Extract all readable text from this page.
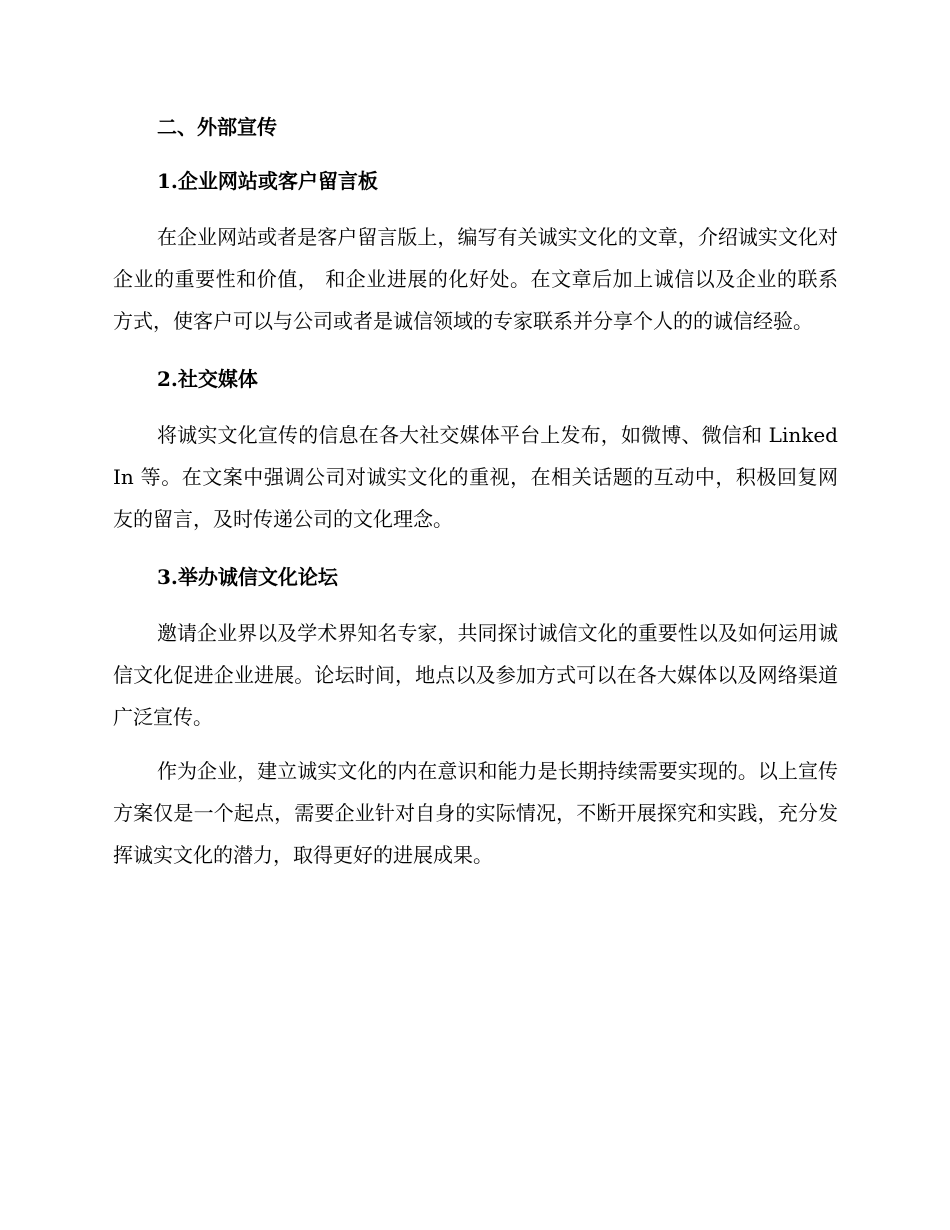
二、外部宣传
1.企业网站或客户留言板

在企业网站或者是客户留言版上，编写有关诚实文化的文章，介绍诚实文化对企业的重要性和价值， 和企业进展的化好处。在文章后加上诚信以及企业的联系方式，使客户可以与公司或者是诚信领域的专家联系并分享个人的的诚信经验。

2.社交媒体

将诚实文化宣传的信息在各大社交媒体平台上发布，如微博、微信和 LinkedIn 等。在文案中强调公司对诚实文化的重视，在相关话题的互动中，积极回复网友的留言，及时传递公司的文化理念。

3.举办诚信文化论坛

邀请企业界以及学术界知名专家，共同探讨诚信文化的重要性以及如何运用诚信文化促进企业进展。论坛时间，地点以及参加方式可以在各大媒体以及网络渠道广泛宣传。

作为企业，建立诚实文化的内在意识和能力是长期持续需要实现的。以上宣传方案仅是一个起点，需要企业针对自身的实际情况，不断开展探究和实践，充分发挥诚实文化的潜力，取得更好的进展成果。
